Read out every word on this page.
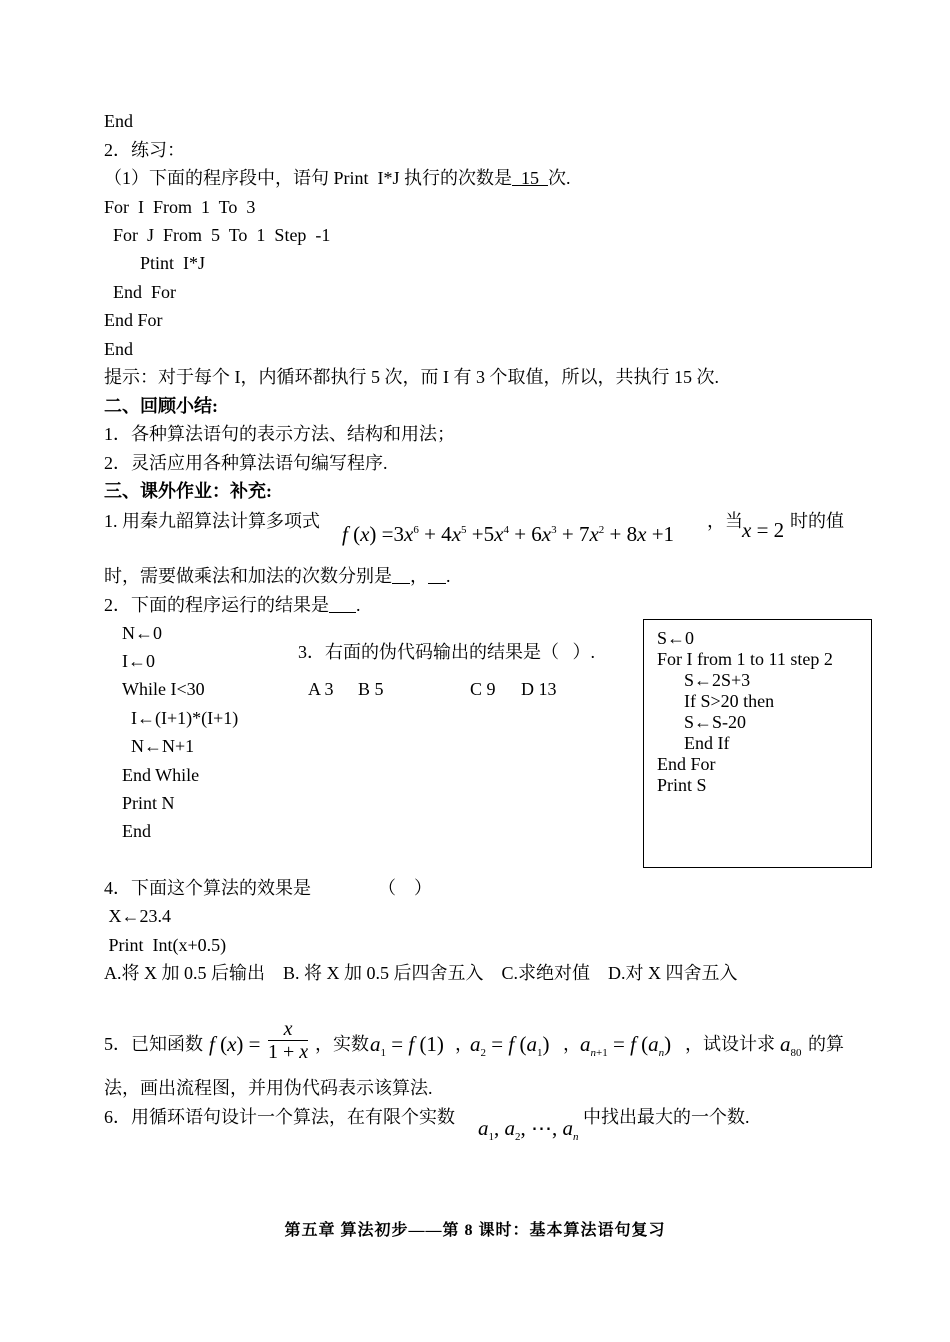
End
2．练习：
（1）下面的程序段中，语句 Print  I*J 执行的次数是  15  次.
For  I  From  1  To  3
For  J  From  5  To  1  Step  -1
Ptint  I*J
End  For
End For
End
提示：对于每个 I，内循环都执行 5 次，而 I 有 3 个取值，所以，共执行 15 次.
二、回顾小结:
1．各种算法语句的表示方法、结构和用法；
2．灵活应用各种算法语句编写程序.
三、课外作业：补充:
1. 用秦九韶算法计算多项式
f $(x) =3x^6 + 4x^5 +5x^4 + 6x^3 + 7x^2 + 8x +1$
，当 x = 2 时的值
时，需要做乘法和加法的次数分别是 ， .
2．下面的程序运行的结果是 .
N←0
I←0
While I<30
I←(I+1)*(I+1)
N←N+1
End While
Print N
End
3．右面的伪代码输出的结果是（   ）.
A 3 B 5	C 9 D 13
S←0
For I from 1 to 11 step 2
S←2S+3
If S>20 then
S←S-20
End If
End For
Print S
4．下面这个算法的效果是	（    ）
X←23.4
Print  Int(x+0.5)
A.将 X 加 0.5 后输出    B. 将 X 加 0.5 后四舍五入    C.求绝对值    D.对 X 四舍五入
5．已知函数 f $(x) = \frac{x}{1 + x}$ ，实数 $a_1 = f$ (1) ，
$a_2 = f$ $(a_1)$ ， $a_{n+1} = f$ $(a_n)$ ，试设计求 $a_{80}$ 的算
法，画出流程图，并用伪代码表示该算法.
6．用循环语句设计一个算法，在有限个实数 $a_1$, $a_2$, ⋯, $a_n$
中找出最大的一个数.
第五章 算法初步——第 8 课时：基本算法语句复习
